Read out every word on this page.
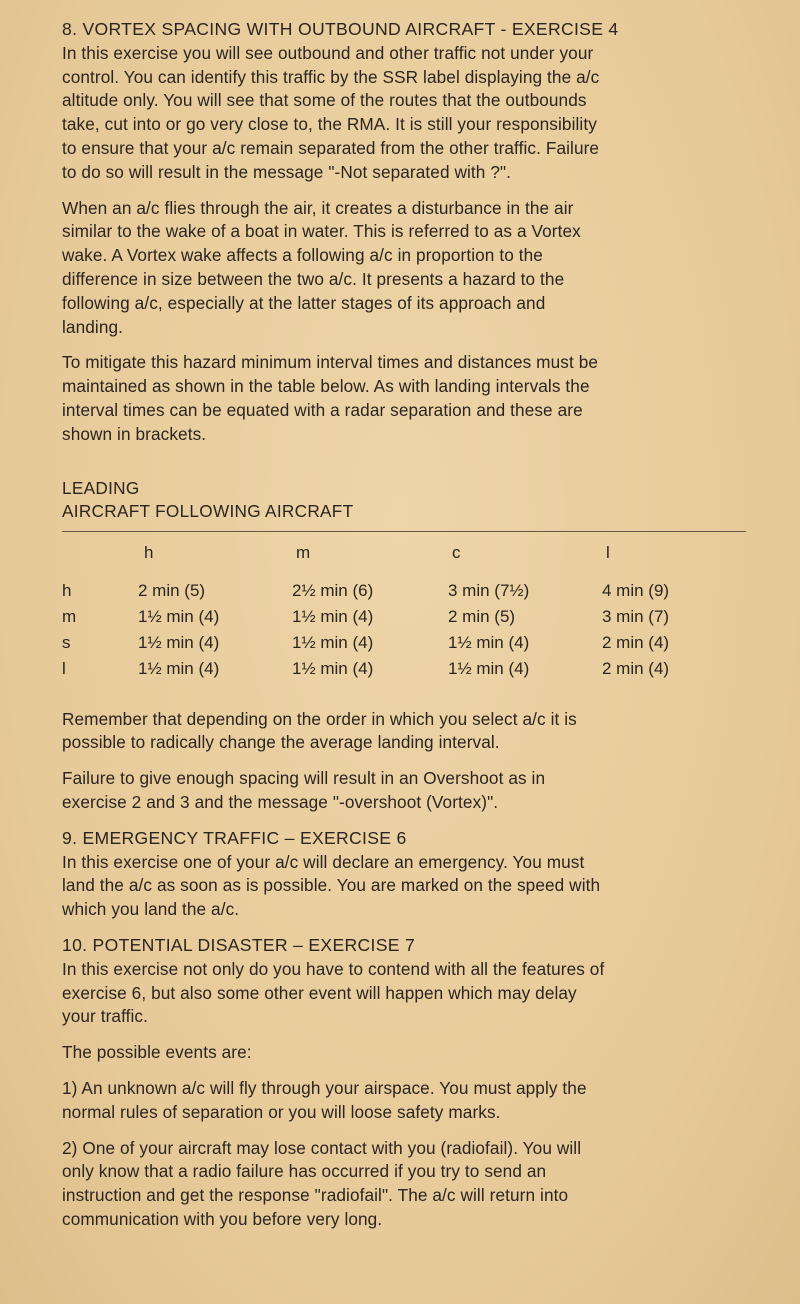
8. VORTEX SPACING WITH OUTBOUND AIRCRAFT - EXERCISE 4
In this exercise you will see outbound and other traffic not under your
control. You can identify this traffic by the SSR label displaying the a/c
altitude only. You will see that some of the routes that the outbounds
take, cut into or go very close to, the RMA. It is still your responsibility
to ensure that your a/c remain separated from the other traffic. Failure
to do so will result in the message "-Not separated with ?".
When an a/c flies through the air, it creates a disturbance in the air
similar to the wake of a boat in water. This is referred to as a Vortex
wake. A Vortex wake affects a following a/c in proportion to the
difference in size between the two a/c. It presents a hazard to the
following a/c, especially at the latter stages of its approach and
landing.
To mitigate this hazard minimum interval times and distances must be
maintained as shown in the table below. As with landing intervals the
interval times can be equated with a radar separation and these are
shown in brackets.
LEADING
AIRCRAFT FOLLOWING AIRCRAFT
	h	m	c	l
h	2 min (5)	2½ min (6)	3 min (7½)	4 min (9)
m	1½ min (4)	1½ min (4)	2 min (5)	3 min (7)
s	1½ min (4)	1½ min (4)	1½ min (4)	2 min (4)
l	1½ min (4)	1½ min (4)	1½ min (4)	2 min (4)
Remember that depending on the order in which you select a/c it is
possible to radically change the average landing interval.
Failure to give enough spacing will result in an Overshoot as in
exercise 2 and 3 and the message "-overshoot (Vortex)".
9. EMERGENCY TRAFFIC – EXERCISE 6
In this exercise one of your a/c will declare an emergency. You must
land the a/c as soon as is possible. You are marked on the speed with
which you land the a/c.
10. POTENTIAL DISASTER – EXERCISE 7
In this exercise not only do you have to contend with all the features of
exercise 6, but also some other event will happen which may delay
your traffic.
The possible events are:
1) An unknown a/c will fly through your airspace. You must apply the
normal rules of separation or you will loose safety marks.
2) One of your aircraft may lose contact with you (radiofail). You will
only know that a radio failure has occurred if you try to send an
instruction and get the response "radiofail". The a/c will return into
communication with you before very long.
